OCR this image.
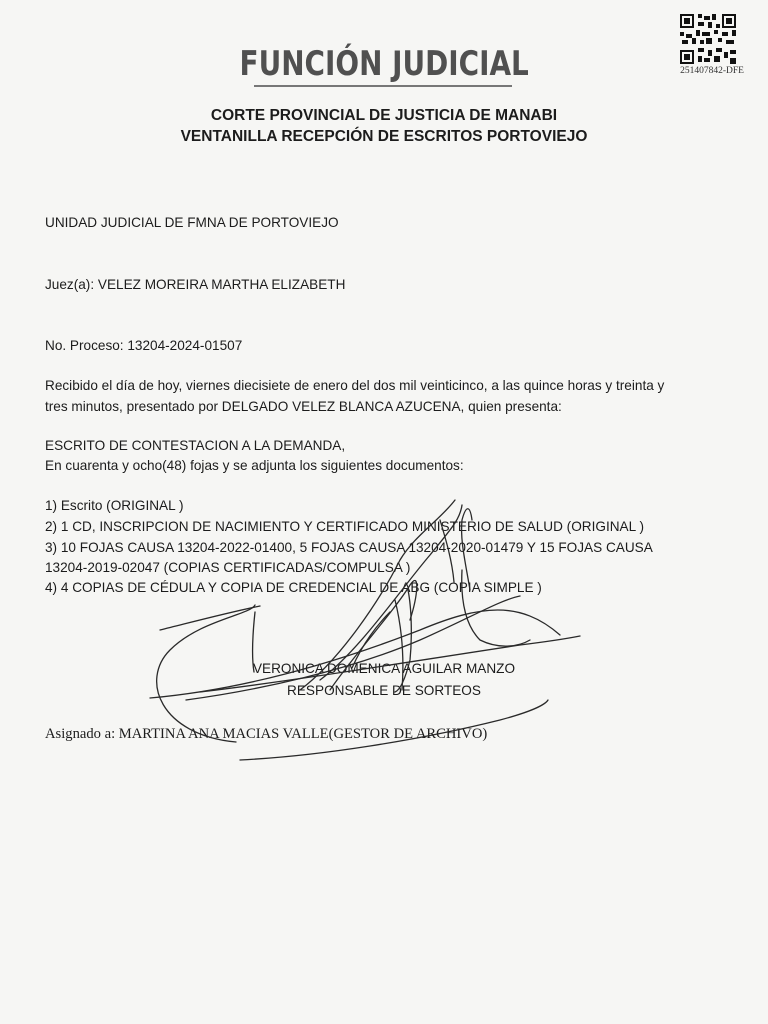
FUNCIÓN JUDICIAL
CORTE PROVINCIAL DE JUSTICIA DE MANABI
VENTANILLA RECEPCIÓN DE ESCRITOS PORTOVIEJO
251407842-DFE
UNIDAD JUDICIAL DE FMNA DE PORTOVIEJO
Juez(a): VELEZ MOREIRA MARTHA ELIZABETH
No. Proceso: 13204-2024-01507
Recibido el día de hoy, viernes diecisiete de enero del dos mil veinticinco, a las quince horas y treinta y
tres minutos, presentado por DELGADO VELEZ BLANCA AZUCENA, quien presenta:
ESCRITO DE CONTESTACION A LA DEMANDA,
En cuarenta y ocho(48) fojas y se adjunta los siguientes documentos:
1) Escrito (ORIGINAL )
2) 1 CD, INSCRIPCION DE NACIMIENTO Y CERTIFICADO MINISTERIO DE SALUD (ORIGINAL )
3) 10 FOJAS CAUSA 13204-2022-01400, 5 FOJAS CAUSA 13204-2020-01479 Y 15 FOJAS CAUSA
13204-2019-02047 (COPIAS CERTIFICADAS/COMPULSA )
4) 4 COPIAS DE CÉDULA Y COPIA DE CREDENCIAL DE ABG (COPIA SIMPLE )
VERONICA DOMENICA AGUILAR MANZO
RESPONSABLE DE SORTEOS
Asignado a: MARTINA ANA MACIAS VALLE(GESTOR DE ARCHIVO)
